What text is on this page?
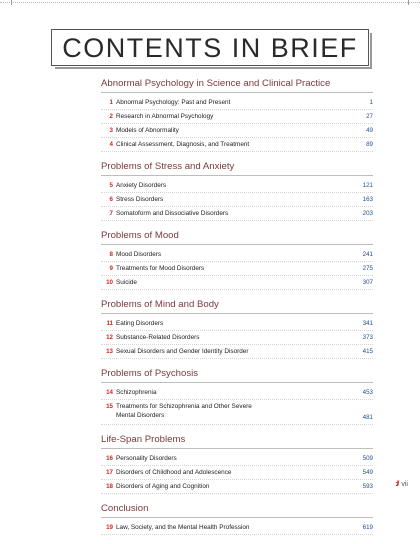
CONTENTS IN BRIEF
Abnormal Psychology in Science and Clinical Practice
1 Abnormal Psychology: Past and Present	1
2 Research in Abnormal Psychology	27
3 Models of Abnormality	49
4 Clinical Assessment, Diagnosis, and Treatment	89
Problems of Stress and Anxiety
5 Anxiety Disorders	121
6 Stress Disorders	163
7 Somatoform and Dissociative Disorders	203
Problems of Mood
8 Mood Disorders	241
9 Treatments for Mood Disorders	275
10 Suicide	307
Problems of Mind and Body
11 Eating Disorders	341
12 Substance-Related Disorders	373
13 Sexual Disorders and Gender Identity Disorder	415
Problems of Psychosis
14 Schizophrenia	453
15 Treatments for Schizophrenia and Other Severe
Mental Disorders	481
Life-Span Problems
16 Personality Disorders	509
17 Disorders of Childhood and Adolescence	549
18 Disorders of Aging and Cognition	593
Conclusion
19 Law, Society, and the Mental Health Profession	619
:// vii
